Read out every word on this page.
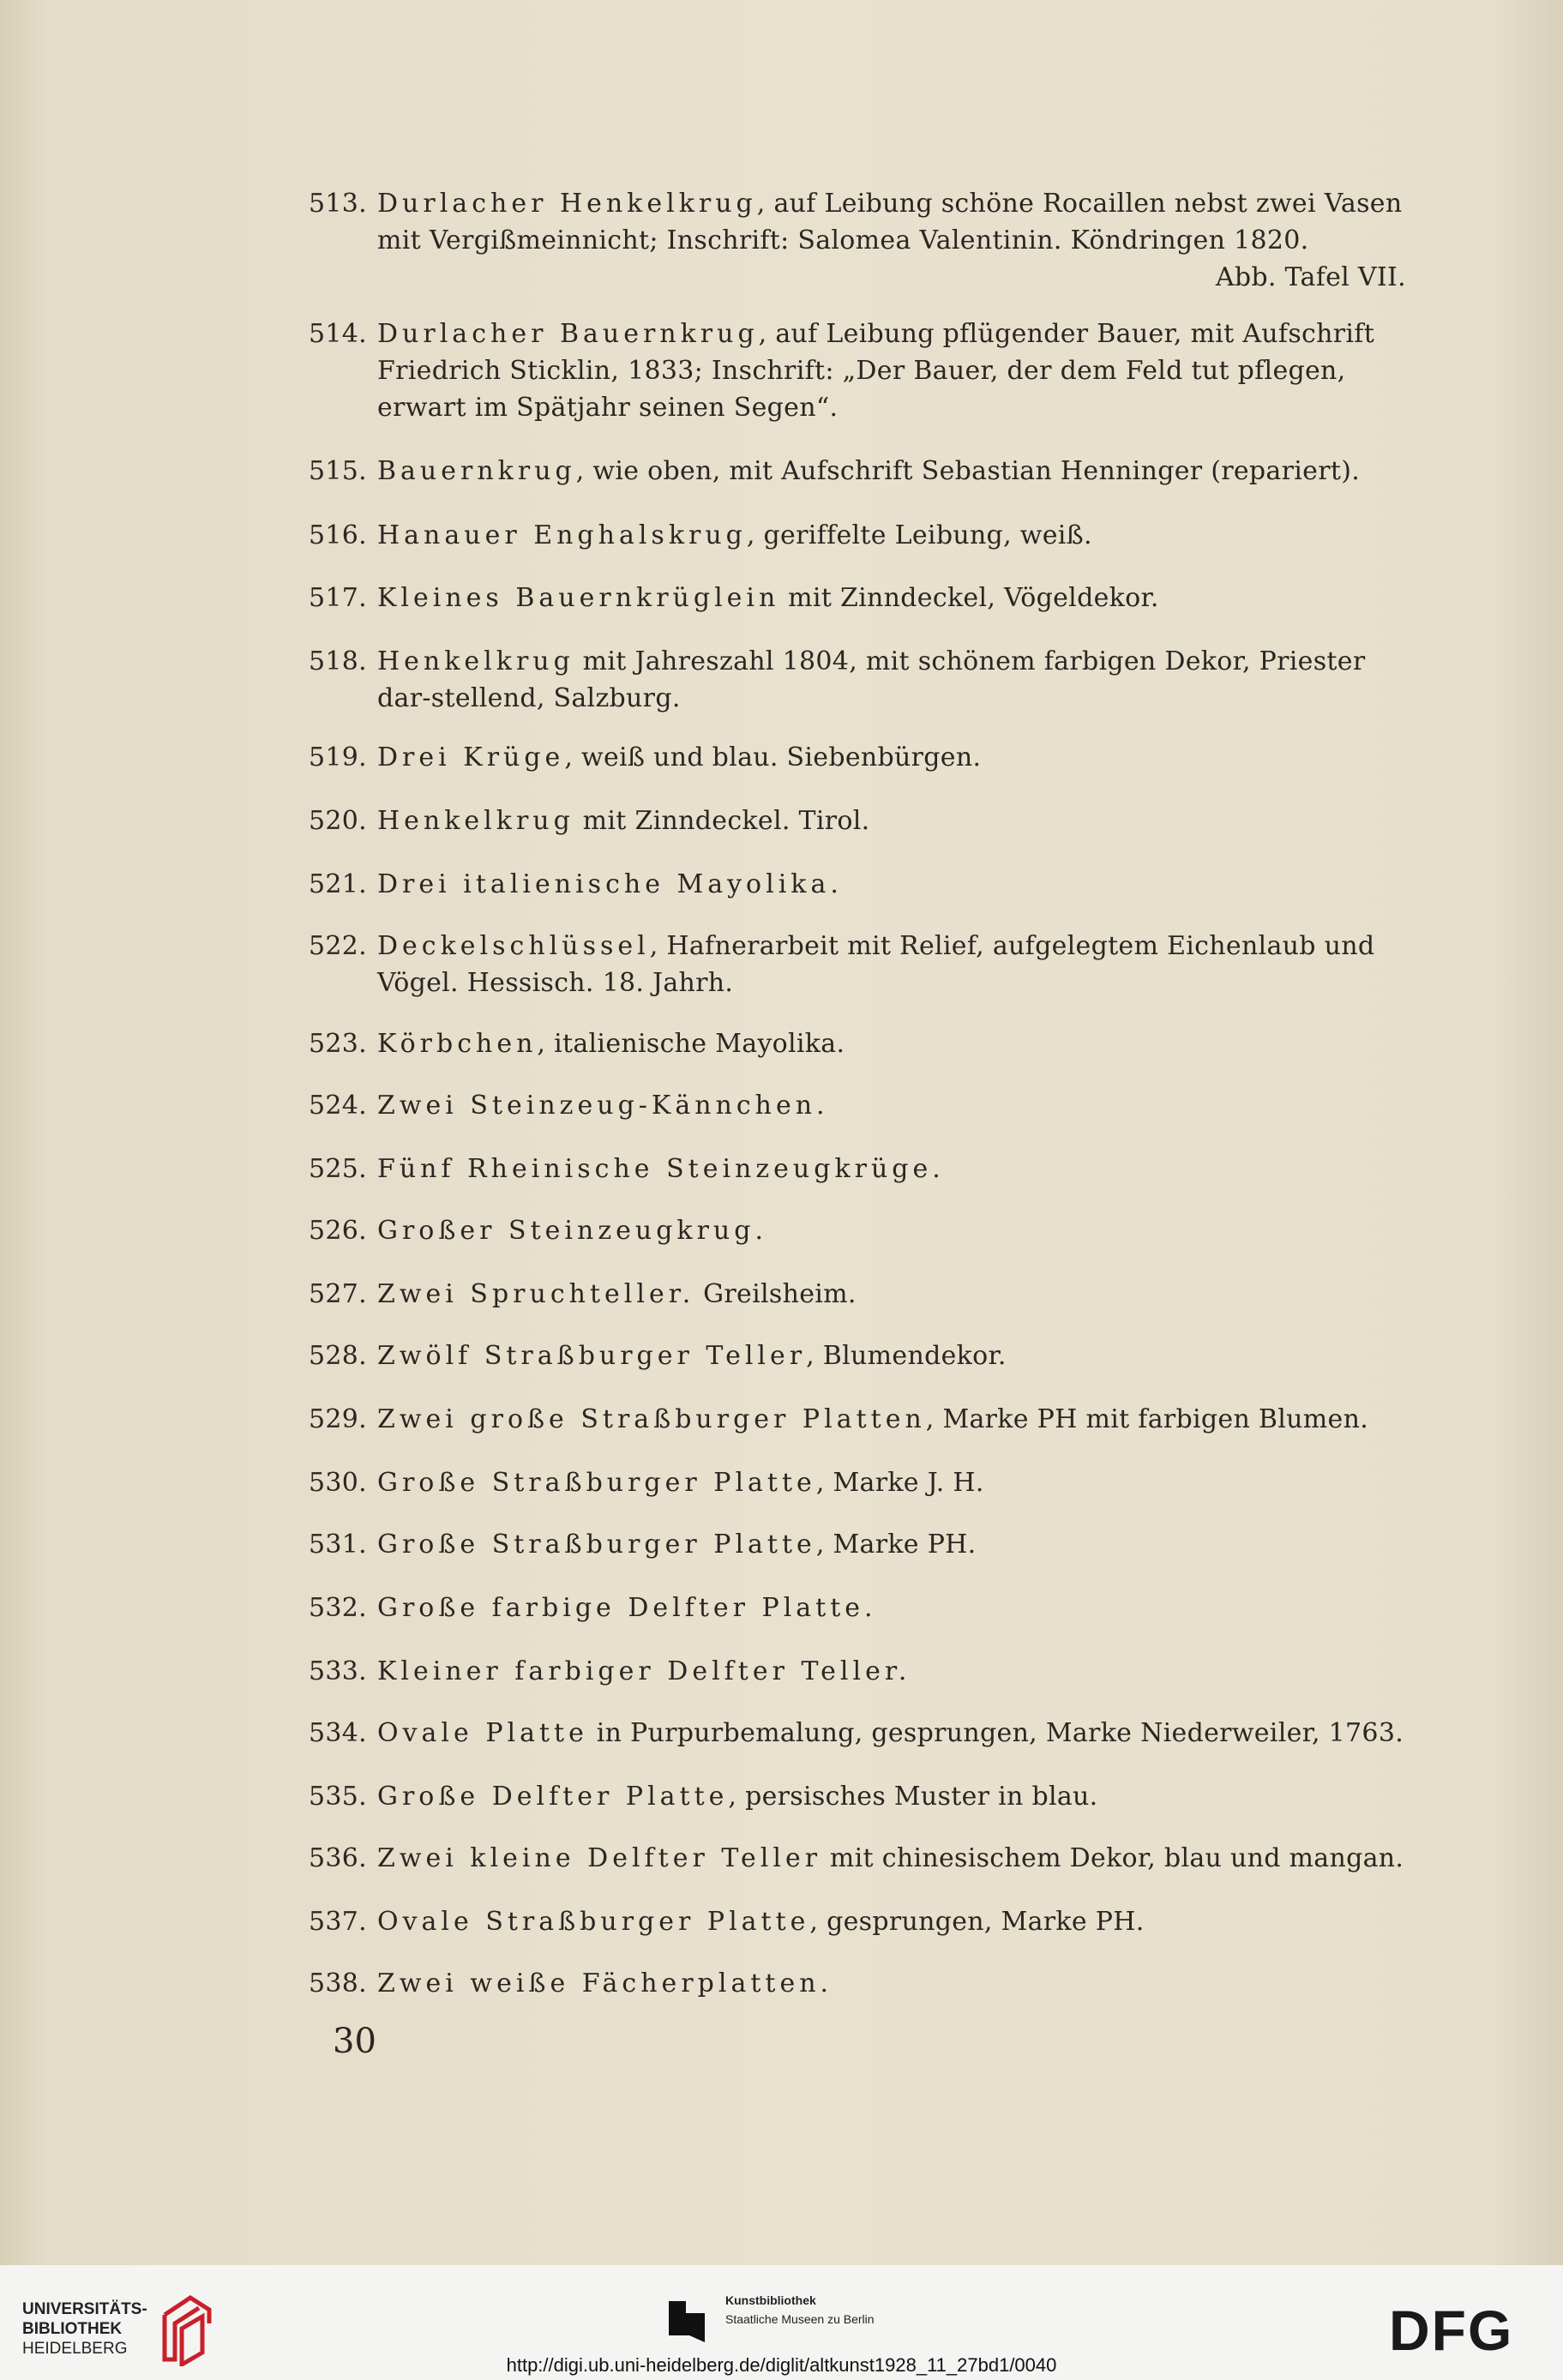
513. Durlacher Henkelkrug, auf Leibung schöne Rocaillen nebst zwei Vasen mit Vergißmeinnicht; Inschrift: Salomea Valentinin. Köndringen 1820.
Abb. Tafel VII.
514. Durlacher Bauernkrug, auf Leibung pflügender Bauer, mit Aufschrift Friedrich Sticklin, 1833; Inschrift: „Der Bauer, der dem Feld tut pflegen, erwart im Spätjahr seinen Segen“.
515. Bauernkrug, wie oben, mit Aufschrift Sebastian Henninger (repariert).
516. Hanauer Enghalskrug, geriffelte Leibung, weiß.
517. Kleines Bauernkrüglein mit Zinndeckel, Vögeldekor.
518. Henkelkrug mit Jahreszahl 1804, mit schönem farbigen Dekor, Priester dar-stellend, Salzburg.
519. Drei Krüge, weiß und blau. Siebenbürgen.
520. Henkelkrug mit Zinndeckel. Tirol.
521. Drei italienische Mayolika.
522. Deckelschlüssel, Hafnerarbeit mit Relief, aufgelegtem Eichenlaub und Vögel. Hessisch. 18. Jahrh.
523. Körbchen, italienische Mayolika.
524. Zwei Steinzeug-Kännchen.
525. Fünf Rheinische Steinzeugkrüge.
526. Großer Steinzeugkrug.
527. Zwei Spruchteller. Greilsheim.
528. Zwölf Straßburger Teller, Blumendekor.
529. Zwei große Straßburger Platten, Marke PH mit farbigen Blumen.
530. Große Straßburger Platte, Marke J. H.
531. Große Straßburger Platte, Marke PH.
532. Große farbige Delfter Platte.
533. Kleiner farbiger Delfter Teller.
534. Ovale Platte in Purpurbemalung, gesprungen, Marke Niederweiler, 1763.
535. Große Delfter Platte, persisches Muster in blau.
536. Zwei kleine Delfter Teller mit chinesischem Dekor, blau und mangan.
537. Ovale Straßburger Platte, gesprungen, Marke PH.
538. Zwei weiße Fächerplatten.
30
UNIVERSITÄTS-
BIBLIOTHEK
HEIDELBERG
Kunstbibliothek
Staatliche Museen zu Berlin	DFG
http://digi.ub.uni-heidelberg.de/diglit/altkunst1928_11_27bd1/0040
